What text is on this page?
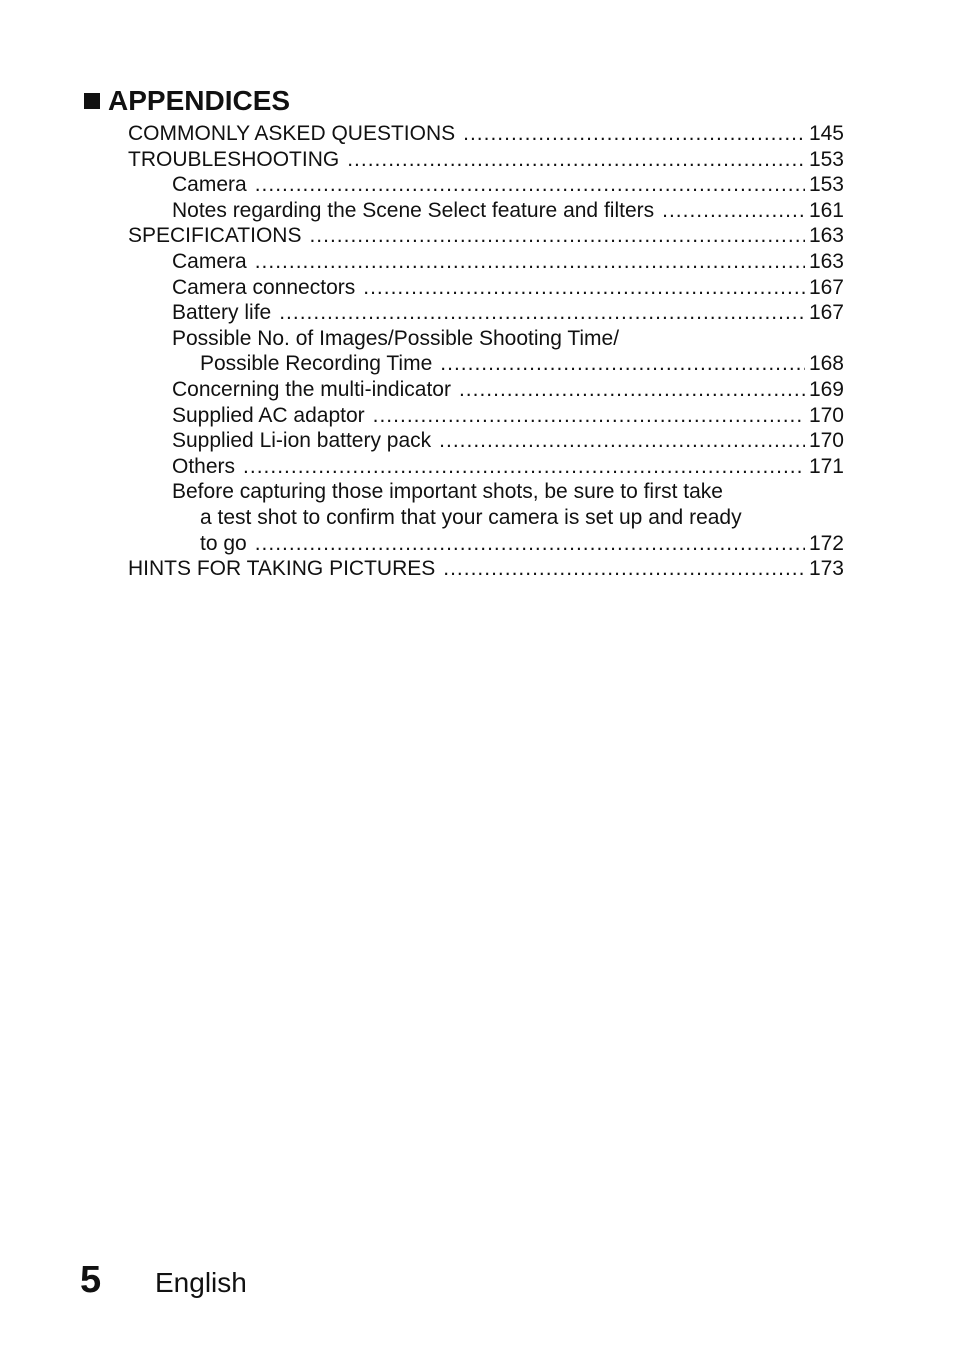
APPENDICES
COMMONLY ASKED QUESTIONS .....	145
TROUBLESHOOTING .....	153
Camera .....	153
Notes regarding the Scene Select feature and filters .....	161
SPECIFICATIONS .....	163
Camera .....	163
Camera connectors .....	167
Battery life .....	167
Possible No. of Images/Possible Shooting Time/
Possible Recording Time .....	168
Concerning the multi-indicator .....	169
Supplied AC adaptor .....	170
Supplied Li-ion battery pack .....	170
Others .....	171
Before capturing those important shots, be sure to first take
a test shot to confirm that your camera is set up and ready
to go .....	172
HINTS FOR TAKING PICTURES .....	173
5 English
